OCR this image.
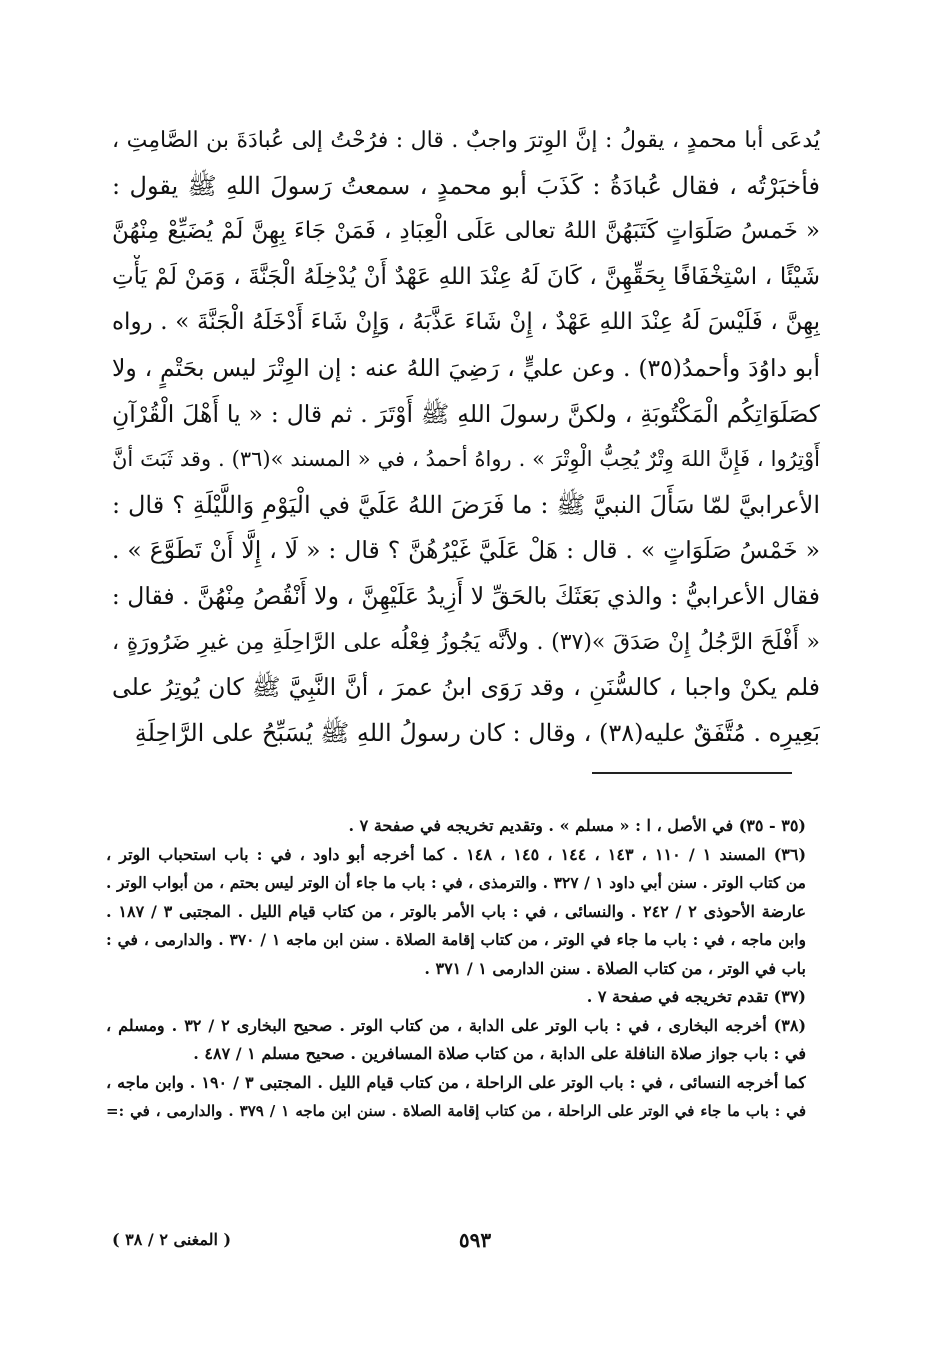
يُدعَى أبا محمدٍ ، يقولُ : إنَّ الوِترَ واجبٌ . قال : فرُحْتُ إلى عُبادَةَ بن الصَّامِتِ ،
فأخبَرْتُه ، فقال عُبادَةُ : كَذَبَ أبو محمدٍ ، سمعتُ رَسولَ اللهِ ﷺ يقول :
« خَمسُ صَلَوَاتٍ كَتَبَهُنَّ اللهُ تعالى عَلَى الْعِبَادِ ، فَمَنْ جَاءَ بِهِنَّ لَمْ يُضَيِّعْ مِنْهُنَّ
شَيْئًا ، اسْتِخْفَافًا بِحَقِّهِنَّ ، كَانَ لَهُ عِنْدَ اللهِ عَهْدٌ أَنْ يُدْخِلَهُ الْجَنَّةَ ، وَمَنْ لَمْ يَأْتِ
بِهِنَّ ، فَلَيْسَ لَهُ عِنْدَ اللهِ عَهْدٌ ، إِنْ شَاءَ عَذَّبَهُ ، وَإِنْ شَاءَ أَدْخَلَهُ الْجَنَّةَ » . رواه
أبو داوُدَ وأحمدُ(٣٥) . وعن عليٍّ ، رَضِيَ اللهُ عنه : إن الوِتْرَ ليس بحَتْمٍ ، ولا
كصَلَوَاتِكُم الْمَكْتُوبَةِ ، ولكنَّ رسولَ اللهِ ﷺ أَوْتَرَ . ثم قال : « يا أَهْلَ الْقُرْآنِ
أَوْتِرُوا ، فَإِنَّ اللهَ وِتْرٌ يُحِبُّ الْوِتْرَ » . رواهُ أحمدُ ، في « المسند »(٣٦) . وقد ثَبَتَ أنَّ
الأعرابيَّ لمّا سَأَلَ النبيَّ ﷺ : ما فَرَضَ اللهُ عَلَيَّ في الْيَوْمِ وَاللَّيْلَةِ ؟ قال :
« خَمْسُ صَلَوَاتٍ » . قال : هَلْ عَلَيَّ غَيْرُهُنَّ ؟ قال : « لَا ، إِلَّا أَنْ تَطَوَّعَ » .
فقال الأعرابيُّ : والذي بَعَثَكَ بالحَقِّ لا أَزِيدُ عَلَيْهِنَّ ، ولا أَنْقُصُ مِنْهُنَّ . فقال :
« أَفْلَحَ الرَّجُلُ إِنْ صَدَقَ »(٣٧) . ولأنَّه يَجُوزُ فِعْلُه على الرَّاحِلَةِ مِن غيرِ ضَرُورَةٍ ،
فلم يكنْ واجبا ، كالسُّنَنِ ، وقد رَوَى ابنُ عمرَ ، أنَّ النَّبِيَّ ﷺ كان يُوتِرُ على
بَعِيرِه . مُتَّفَقٌ عليه(٣٨) ، وقال : كان رسولُ اللهِ ﷺ يُسَبِّحُ على الرَّاحِلَةِ
(٣٥ - ٣٥) في الأصل ، ا : « مسلم » . وتقديم تخريجه في صفحة ٧ .
(٣٦) المسند ١ / ١١٠ ، ١٤٣ ، ١٤٤ ، ١٤٥ ، ١٤٨ . كما أخرجه أبو داود ، في : باب استحباب الوتر ،
من كتاب الوتر . سنن أبي داود ١ / ٣٢٧ . والترمذى ، في : باب ما جاء أن الوتر ليس بحتم ، من أبواب الوتر .
عارضة الأحوذى ٢ / ٢٤٢ . والنسائى ، في : باب الأمر بالوتر ، من كتاب قيام الليل . المجتبى ٣ / ١٨٧ .
وابن ماجه ، في : باب ما جاء في الوتر ، من كتاب إقامة الصلاة . سنن ابن ماجه ١ / ٣٧٠ . والدارمى ، في :
باب في الوتر ، من كتاب الصلاة . سنن الدارمى ١ / ٣٧١ .
(٣٧) تقدم تخريجه في صفحة ٧ .
(٣٨) أخرجه البخارى ، في : باب الوتر على الدابة ، من كتاب الوتر . صحيح البخارى ٢ / ٣٢ . ومسلم ،
في : باب جواز صلاة النافلة على الدابة ، من كتاب صلاة المسافرين . صحيح مسلم ١ / ٤٨٧ .
كما أخرجه النسائى ، في : باب الوتر على الراحلة ، من كتاب قيام الليل . المجتبى ٣ / ١٩٠ . وابن ماجه ،
في : باب ما جاء في الوتر على الراحلة ، من كتاب إقامة الصلاة . سنن ابن ماجه ١ / ٣٧٩ . والدارمى ، في :=
٥٩٣
( المغنى ٢ / ٣٨ )
